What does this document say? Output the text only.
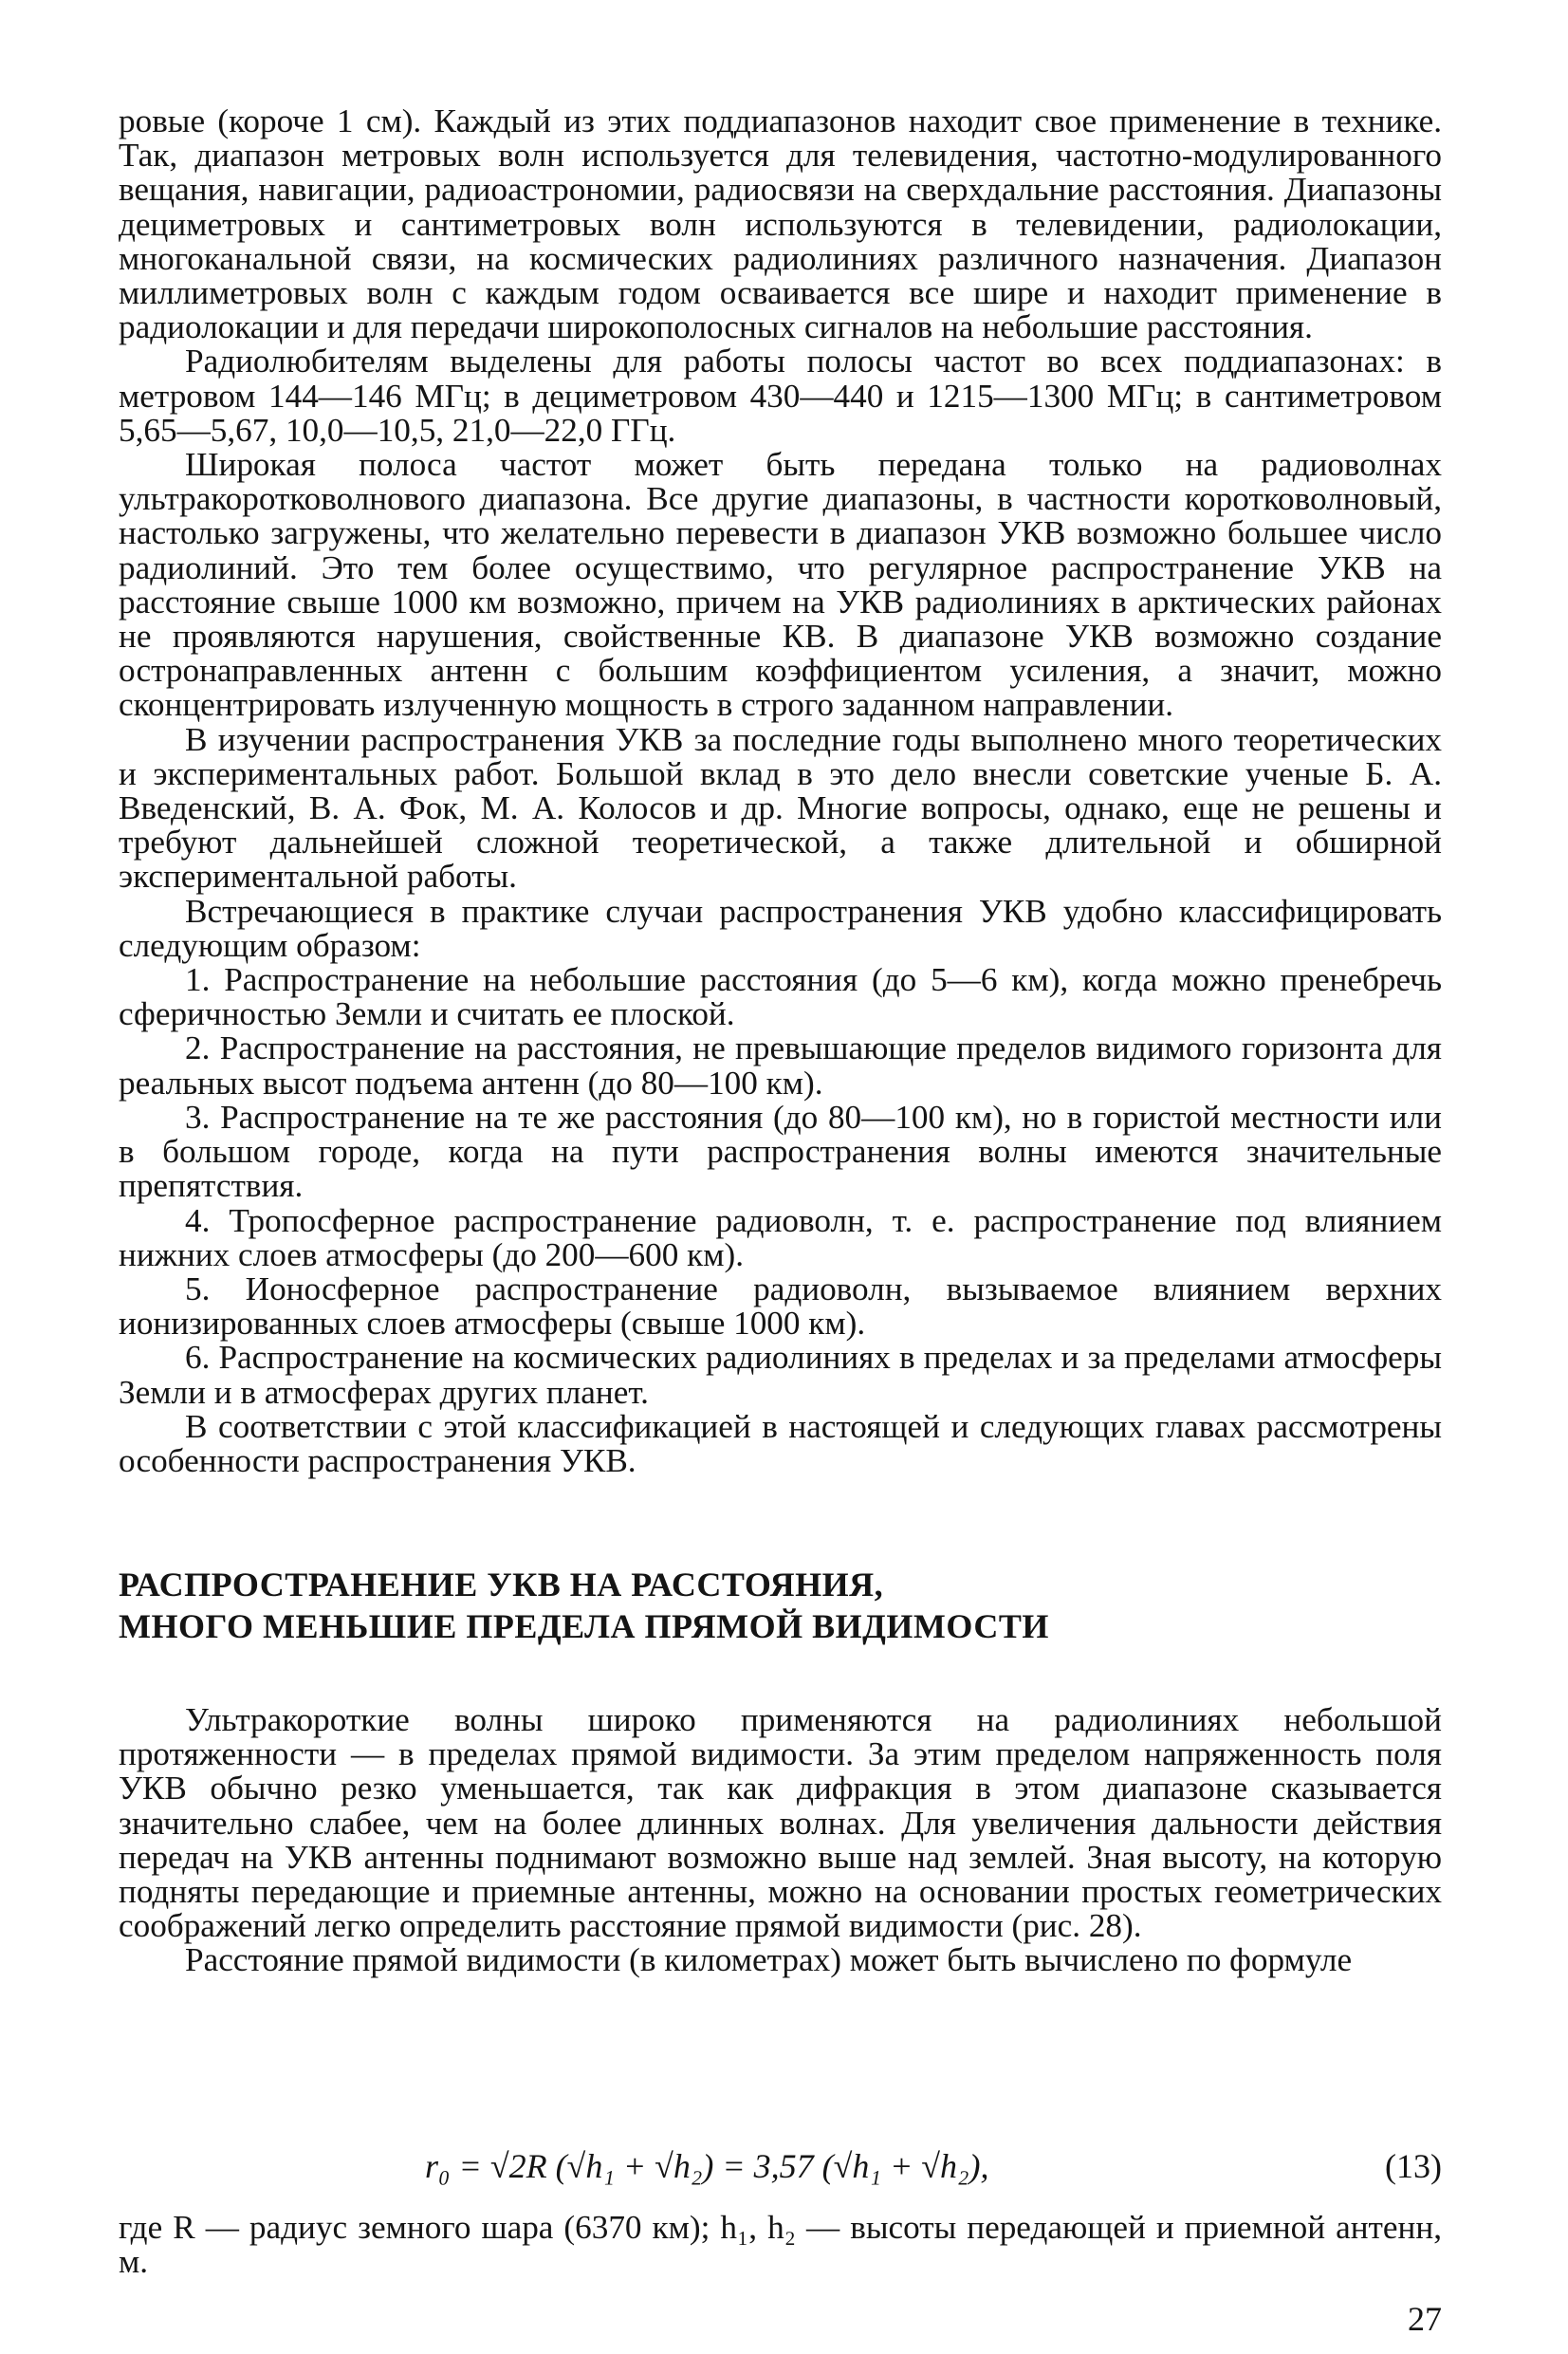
ровые (короче 1 см). Каждый из этих поддиапазонов находит свое применение в технике. Так, диапазон метровых волн используется для телевидения, частотно-модулированного вещания, навигации, радиоастрономии, радиосвязи на сверхдальние расстояния. Диапазоны дециметровых и сантиметровых волн используются в телевидении, радиолокации, многоканальной связи, на космических радиолиниях различного назначения. Диапазон миллиметровых волн с каждым годом осваивается все шире и находит применение в радиолокации и для передачи широкополосных сигналов на небольшие расстояния.

Радиолюбителям выделены для работы полосы частот во всех поддиапазонах: в метровом 144—146 МГц; в дециметровом 430—440 и 1215—1300 МГц; в сантиметровом 5,65—5,67, 10,0—10,5, 21,0—22,0 ГГц.

Широкая полоса частот может быть передана только на радиоволнах ультракоротковолнового диапазона. Все другие диапазоны, в частности коротковолновый, настолько загружены, что желательно перевести в диапазон УКВ возможно большее число радиолиний. Это тем более осуществимо, что регулярное распространение УКВ на расстояние свыше 1000 км возможно, причем на УКВ радиолиниях в арктических районах не проявляются нарушения, свойственные КВ. В диапазоне УКВ возможно создание остронаправленных антенн с большим коэффициентом усиления, а значит, можно сконцентрировать излученную мощность в строго заданном направлении.

В изучении распространения УКВ за последние годы выполнено много теоретических и экспериментальных работ. Большой вклад в это дело внесли советские ученые Б. А. Введенский, В. А. Фок, М. А. Колосов и др. Многие вопросы, однако, еще не решены и требуют дальнейшей сложной теоретической, а также длительной и обширной экспериментальной работы.

Встречающиеся в практике случаи распространения УКВ удобно классифицировать следующим образом:

1. Распространение на небольшие расстояния (до 5—6 км), когда можно пренебречь сферичностью Земли и считать ее плоской.

2. Распространение на расстояния, не превышающие пределов видимого горизонта для реальных высот подъема антенн (до 80—100 км).

3. Распространение на те же расстояния (до 80—100 км), но в гористой местности или в большом городе, когда на пути распространения волны имеются значительные препятствия.

4. Тропосферное распространение радиоволн, т. е. распространение под влиянием нижних слоев атмосферы (до 200—600 км).

5. Ионосферное распространение радиоволн, вызываемое влиянием верхних ионизированных слоев атмосферы (свыше 1000 км).

6. Распространение на космических радиолиниях в пределах и за пределами атмосферы Земли и в атмосферах других планет.

В соответствии с этой классификацией в настоящей и следующих главах рассмотрены особенности распространения УКВ.

РАСПРОСТРАНЕНИЕ УКВ НА РАССТОЯНИЯ,
МНОГО МЕНЬШИЕ ПРЕДЕЛА ПРЯМОЙ ВИДИМОСТИ

Ультракороткие волны широко применяются на радиолиниях небольшой протяженности — в пределах прямой видимости. За этим пределом напряженность поля УКВ обычно резко уменьшается, так как дифракция в этом диапазоне сказывается значительно слабее, чем на более длинных волнах. Для увеличения дальности действия передач на УКВ антенны поднимают возможно выше над землей. Зная высоту, на которую подняты передающие и приемные антенны, можно на основании простых геометрических соображений легко определить расстояние прямой видимости (рис. 28).

Расстояние прямой видимости (в километрах) может быть вычислено по формуле

r₀ = √2R (√h₁ + √h₂) = 3,57 (√h₁ + √h₂),	(13)

где R — радиус земного шара (6370 км); h₁, h₂ — высоты передающей и приемной антенн, м.

27
